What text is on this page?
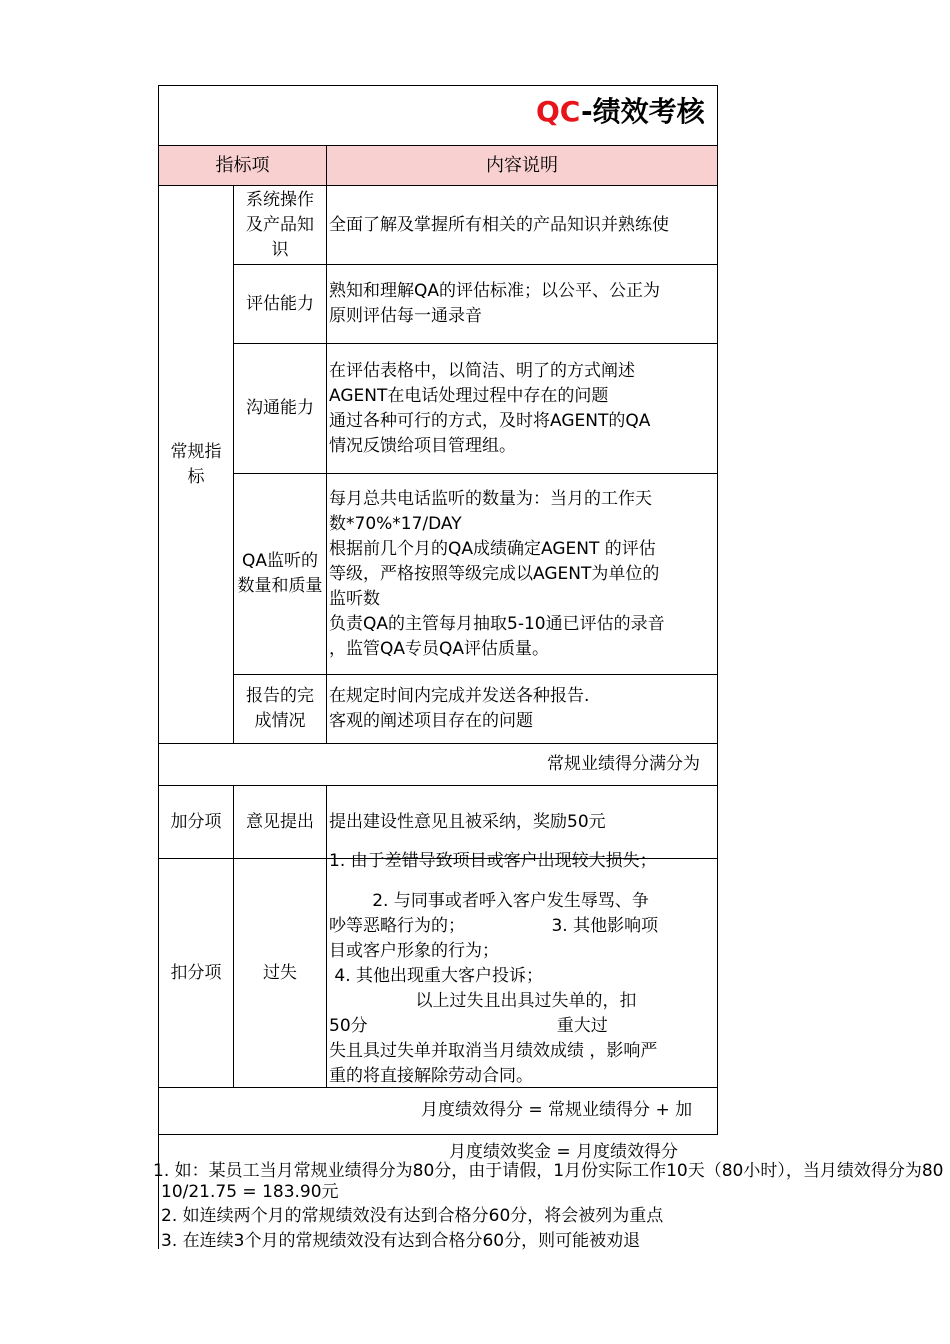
QC-绩效考核
指标项	内容说明
常规指标
系统操作及产品知识
全面了解及掌握所有相关的产品知识并熟练使
评估能力
熟知和理解QA的评估标准；以公平、公正为
原则评估每一通录音
沟通能力
在评估表格中，以简洁、明了的方式阐述
AGENT在电话处理过程中存在的问题
通过各种可行的方式，及时将AGENT的QA
情况反馈给项目管理组。
QA监听的数量和质量
每月总共电话监听的数量为：当月的工作天
数*70%*17/DAY
根据前几个月的QA成绩确定AGENT 的评估
等级，严格按照等级完成以AGENT为单位的
监听数
负责QA的主管每月抽取5-10通已评估的录音
，监管QA专员QA评估质量。
报告的完成情况
在规定时间内完成并发送各种报告.
客观的阐述项目存在的问题
常规业绩得分满分为
加分项 意见提出 提出建设性意见且被采纳，奖励50元
扣分项 过失
1. 由于差错导致项目或客户出现较大损失；
2. 与同事或者呼入客户发生辱骂、争
吵等恶略行为的；                3. 其他影响项
目或客户形象的行为；
4. 其他出现重大客户投诉；
以上过失且出具过失单的，扣
50分                                   重大过
失且具过失单并取消当月绩效成绩 ，影响严
重的将直接解除劳动合同。
月度绩效得分 = 常规业绩得分 + 加
月度绩效奖金 = 月度绩效得分
1. 如：某员工当月常规业绩得分为80分，由于请假，1月份实际工作10天（80小时），当月绩效得分为80
10/21.75 = 183.90元
2. 如连续两个月的常规绩效没有达到合格分60分，将会被列为重点
3. 在连续3个月的常规绩效没有达到合格分60分，则可能被劝退
